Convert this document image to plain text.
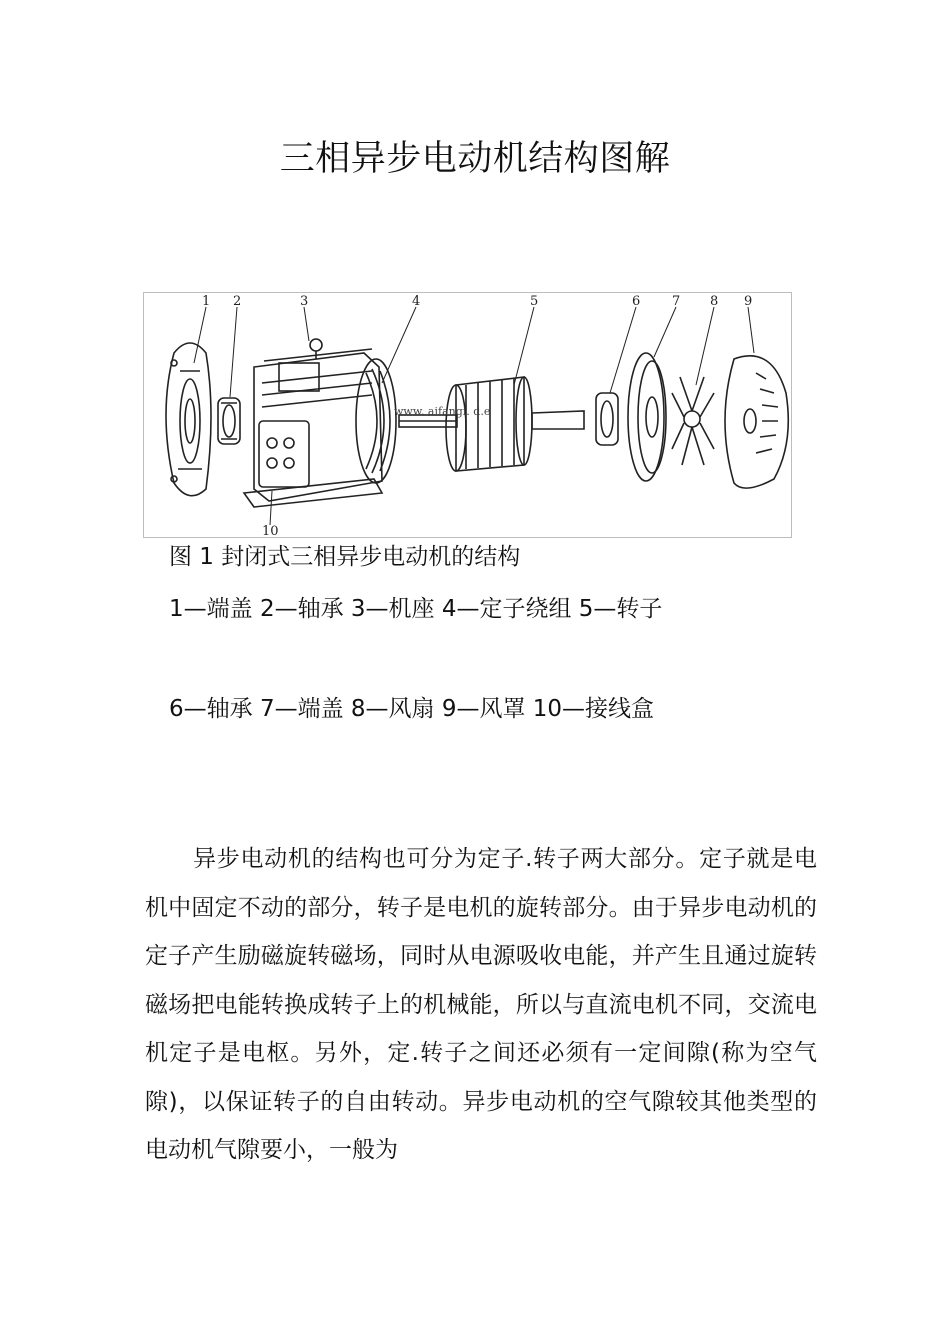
三相异步电动机结构图解
1 2	3	4	5	6 7 8 9
10
www. aifangi. d.e
图 1 封闭式三相异步电动机的结构
1—端盖 2—轴承 3—机座 4—定子绕组 5—转子
6—轴承 7—端盖 8—风扇 9—风罩 10—接线盒

异步电动机的结构也可分为定子.转子两大部分。定子就是电机中固定不动的部分，转子是电机的旋转部分。由于异步电动机的定子产生励磁旋转磁场，同时从电源吸收电能，并产生且通过旋转磁场把电能转换成转子上的机械能，所以与直流电机不同，交流电机定子是电枢。另外，定.转子之间还必须有一定间隙(称为空气隙)，以保证转子的自由转动。异步电动机的空气隙较其他类型的电动机气隙要小，一般为
